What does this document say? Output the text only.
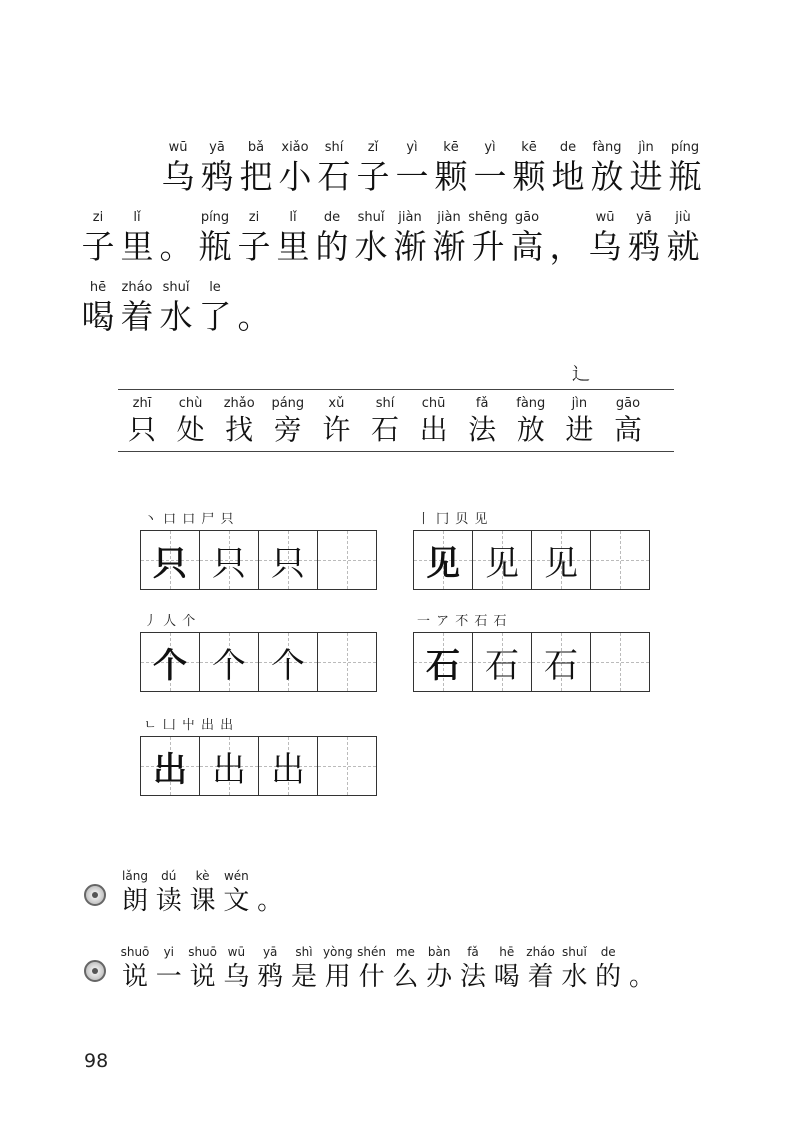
wū
乌
yā
鸦
bǎ
把
xiǎo
小
shí
石
zǐ
子
yì
一
kē
颗
yì
一
kē
颗
de
地
fàng
放
jìn
进
píng
瓶
zi
子
lǐ
里 。
píng
瓶
zi
子
lǐ
里
de
的
shuǐ
水
jiàn
渐
jiàn
渐
shēng
升
gāo
高 ，
wū
乌
yā
鸦
jiù
就
hē
喝
zháo
着
shuǐ
水
le
了 。
辶
zhī
只
chù
处
zhǎo
找
páng
旁
xǔ
许
shí
石
chū
出
fǎ
法
fàng
放
jìn
进
gāo
高
丶 口 口 尸 只
只 只 只
丨 冂 贝 见
见 见 见
丿 人 个
个 个 个
一 ア 不 石 石
石 石 石
ㄴ 凵 屮 出 出
出 出 出
lǎng
朗
dú
读
kè
课
wén
文 。
shuō
说
yi
一
shuō
说
wū
乌
yā
鸦
shì
是
yòng
用
shén
什
me
么
bàn
办
fǎ
法
hē
喝
zháo
着
shuǐ
水
de
的 。
98
